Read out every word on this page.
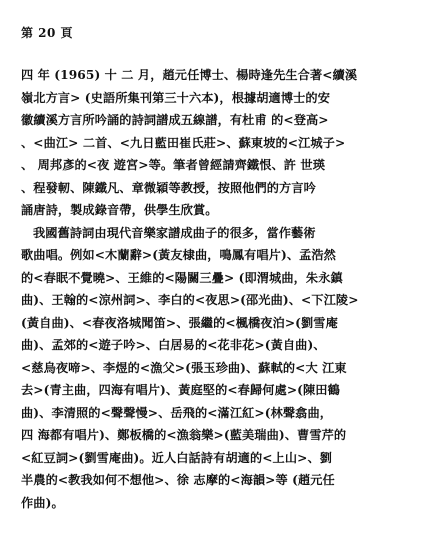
第 20 頁
四 年 (1965) 十 二 月，趙元任博士、楊時逢先生合著<續溪
嶺北方言> (史語所集刊第三十六本)，根據胡適博士的安
徽續溪方言所吟誦的詩詞譜成五線譜，有杜甫 的<登高>
、<曲江> 二首、<九日藍田崔氏莊>、蘇東坡的<江城子>
、 周邦彥的<夜 遊宮>等。筆者曾經請齊鐵恨、許 世瑛
、程發軔、陳鐵凡、章微穎等教授，按照他們的方言吟
誦唐詩，製成錄音帶，供學生欣賞。
我國舊詩詞由現代音樂家譜成曲子的很多，當作藝術
歌曲唱。例如<木蘭辭>(黃友棣曲，鳴鳳有唱片)、孟浩然
的<春眠不覺曉>、王維的<陽關三疊> (即渭城曲，朱永鎮
曲)、王翰的<涼州詞>、李白的<夜思>(邵光曲)、<下江陵>
(黃自曲)、<春夜洛城聞笛>、張繼的<楓橋夜泊>(劉雪庵
曲)、孟郊的<遊子吟>、白居易的<花非花>(黃自曲)、
<慈烏夜啼>、李煜的<漁父>(張玉珍曲)、蘇軾的<大 江東
去>(青主曲，四海有唱片)、黃庭堅的<春歸何處>(陳田鶴
曲)、李清照的<聲聲慢>、岳飛的<滿江紅>(林聲翕曲，
四 海都有唱片)、鄭板橋的<漁翁樂>(藍美瑞曲)、曹雪芹的
<紅豆詞>(劉雪庵曲)。近人白話詩有胡適的<上山>、劉
半農的<教我如何不想他>、徐 志摩的<海韻>等 (趙元任
作曲)。
